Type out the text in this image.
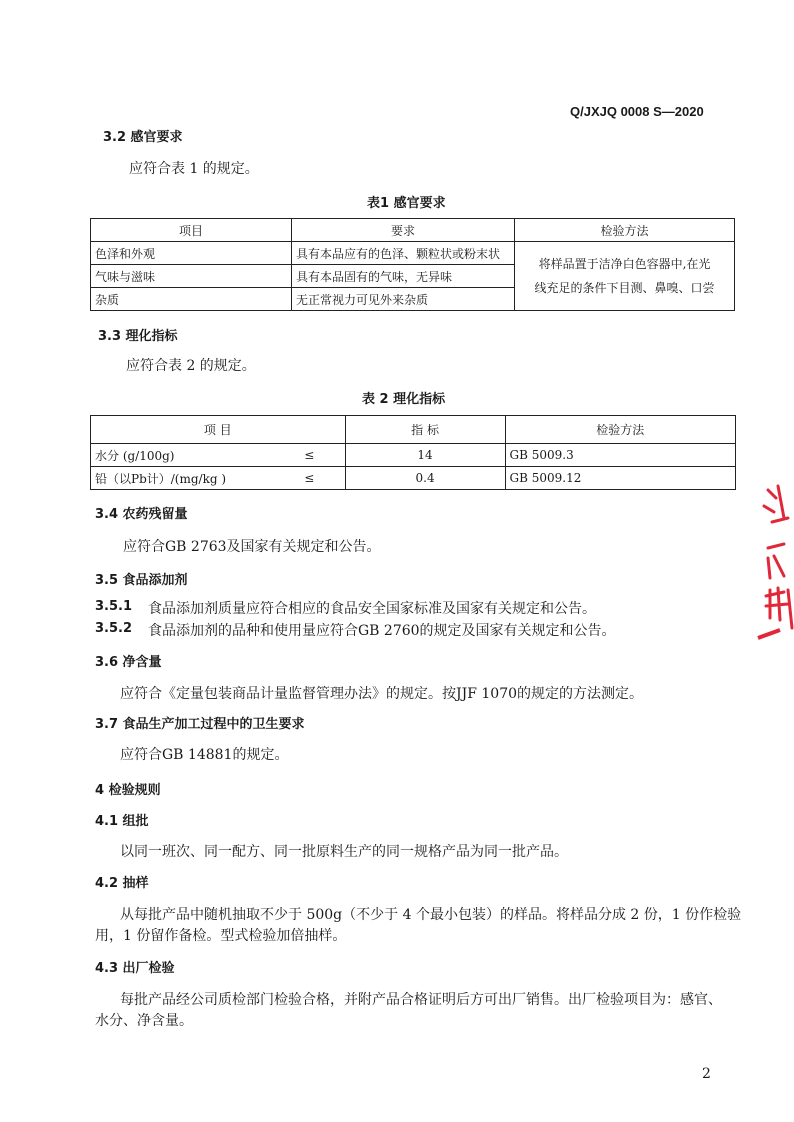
Q/JXJQ 0008 S—2020
3.2 感官要求
应符合表 1 的规定。
表1 感官要求
项目	要求	检验方法
色泽和外观	具有本品应有的色泽、颗粒状或粉末状	将样品置于洁净白色容器中,在光
线充足的条件下目测、鼻嗅、口尝

气味与滋味	具有本品固有的气味，无异味	
杂质	无正常视力可见外来杂质	
3.3 理化指标
应符合表 2 的规定。
表 2 理化指标
项 目		指 标	检验方法
水分 (g/100g)	≤	14	GB 5009.3
铅（以Pb计）/(mg/kg )	≤	0.4	GB 5009.12
3.4 农药残留量
应符合GB 2763及国家有关规定和公告。
3.5 食品添加剂
3.5.1 食品添加剂质量应符合相应的食品安全国家标准及国家有关规定和公告。
3.5.2 食品添加剂的品种和使用量应符合GB 2760的规定及国家有关规定和公告。
3.6 净含量
应符合《定量包装商品计量监督管理办法》的规定。按JJF 1070的规定的方法测定。
3.7 食品生产加工过程中的卫生要求
应符合GB 14881的规定。
4 检验规则
4.1 组批
以同一班次、同一配方、同一批原料生产的同一规格产品为同一批产品。
4.2 抽样
从每批产品中随机抽取不少于 500g（不少于 4 个最小包装）的样品。将样品分成 2 份，1 份作检验
用，1 份留作备检。型式检验加倍抽样。
4.3 出厂检验
每批产品经公司质检部门检验合格，并附产品合格证明后方可出厂销售。出厂检验项目为：感官、
水分、净含量。
2
